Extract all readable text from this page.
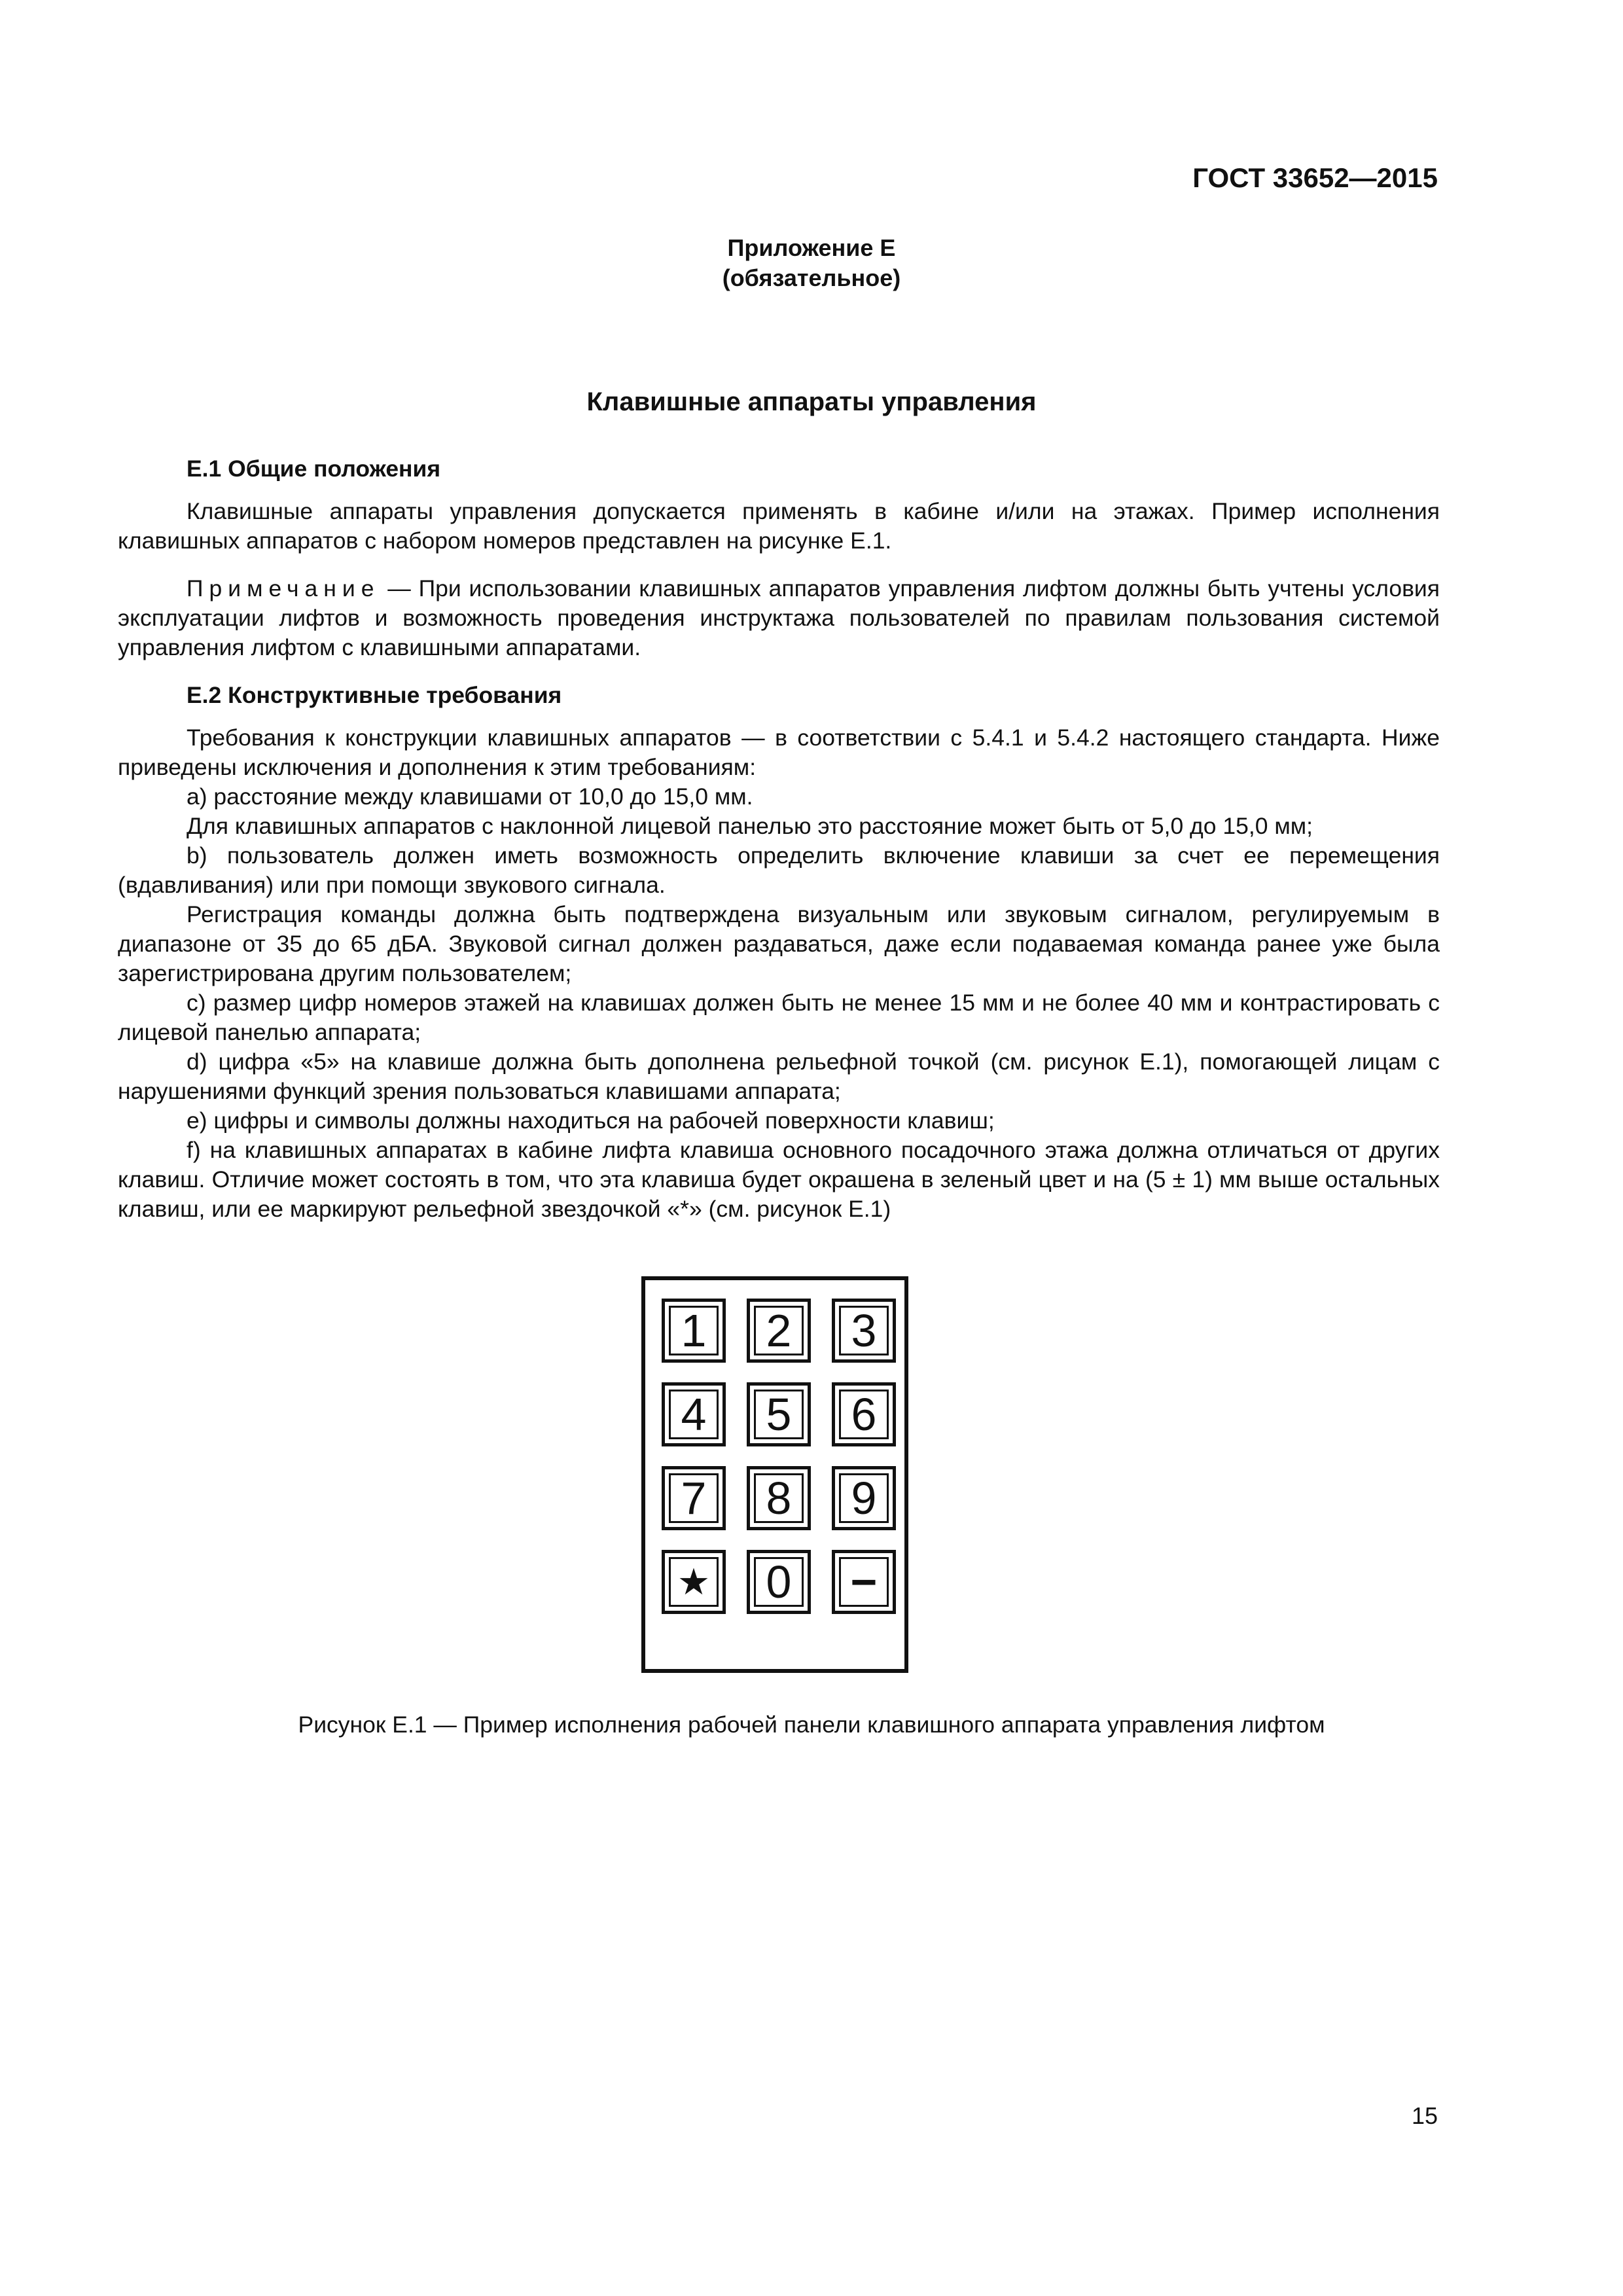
ГОСТ 33652—2015
Приложение Е
(обязательное)
Клавишные аппараты управления
Е.1 Общие положения

Клавишные аппараты управления допускается применять в кабине и/или на этажах. Пример исполнения клавишных аппаратов с набором номеров представлен на рисунке Е.1.

Примечание — При использовании клавишных аппаратов управления лифтом должны быть учтены условия эксплуатации лифтов и возможность проведения инструктажа пользователей по правилам пользования системой управления лифтом с клавишными аппаратами.

Е.2 Конструктивные требования

Требования к конструкции клавишных аппаратов — в соответствии с 5.4.1 и 5.4.2 настоящего стандарта. Ниже приведены исключения и дополнения к этим требованиям:

a) расстояние между клавишами от 10,0 до 15,0 мм.

Для клавишных аппаратов с наклонной лицевой панелью это расстояние может быть от 5,0 до 15,0 мм;

b) пользователь должен иметь возможность определить включение клавиши за счет ее перемещения (вдавливания) или при помощи звукового сигнала.

Регистрация команды должна быть подтверждена визуальным или звуковым сигналом, регулируемым в диапазоне от 35 до 65 дБА. Звуковой сигнал должен раздаваться, даже если подаваемая команда ранее уже была зарегистрирована другим пользователем;

c) размер цифр номеров этажей на клавишах должен быть не менее 15 мм и не более 40 мм и контрастировать с лицевой панелью аппарата;

d) цифра «5» на клавише должна быть дополнена рельефной точкой (см. рисунок Е.1), помогающей лицам с нарушениями функций зрения пользоваться клавишами аппарата;

e) цифры и символы должны находиться на рабочей поверхности клавиш;

f) на клавишных аппаратах в кабине лифта клавиша основного посадочного этажа должна отличаться от других клавиш. Отличие может состоять в том, что эта клавиша будет окрашена в зеленый цвет и на (5 ± 1) мм выше остальных клавиш, или ее маркируют рельефной звездочкой «*» (см. рисунок Е.1)

1 2 3
4 5 6
7 8 9
★ 0 −
Рисунок Е.1 — Пример исполнения рабочей панели клавишного аппарата управления лифтом
15
